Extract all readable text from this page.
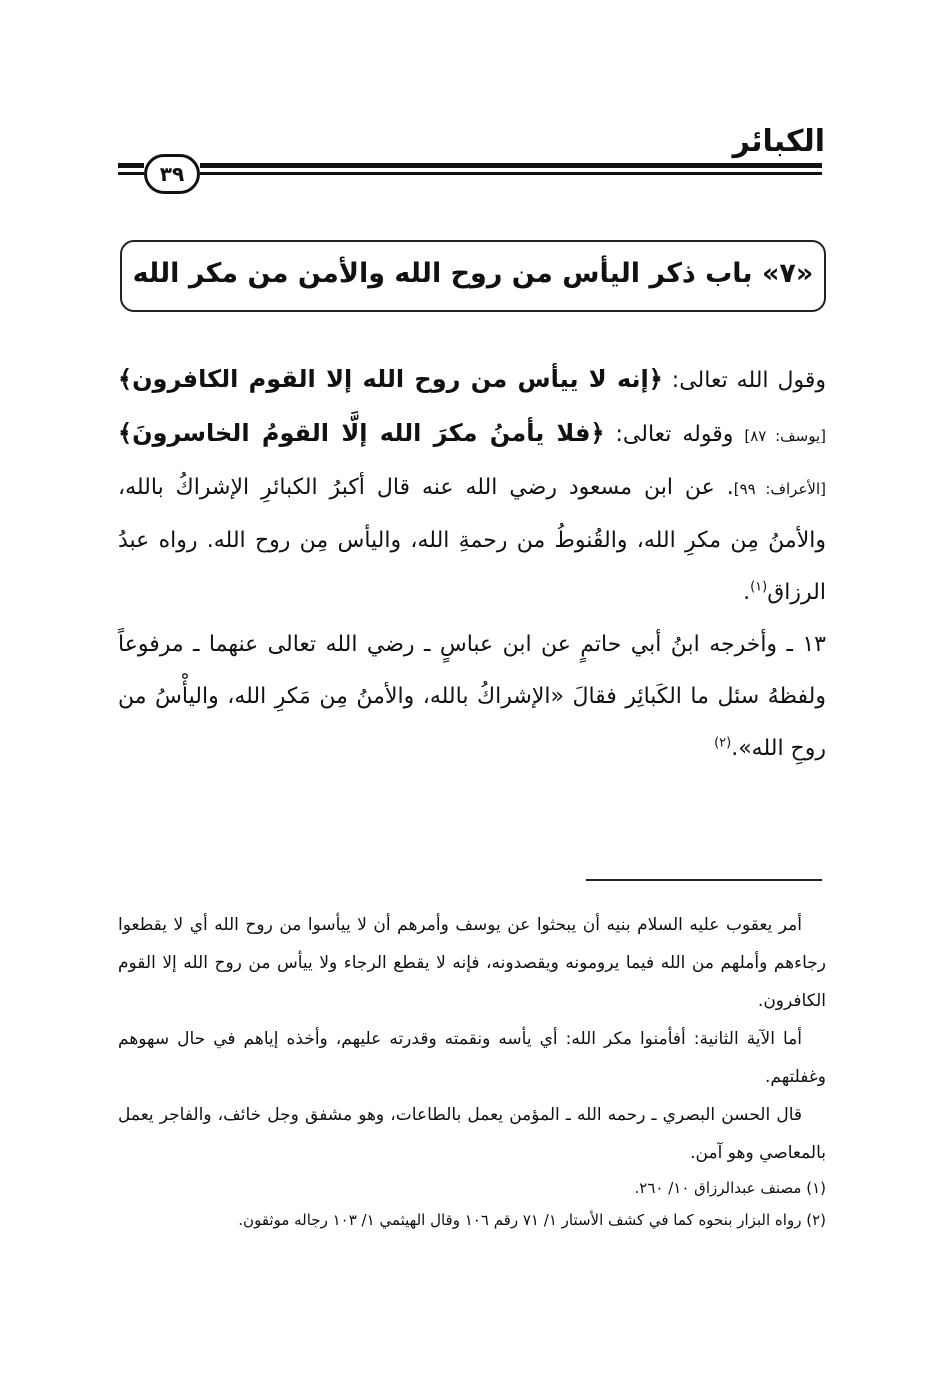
الكبائر
٣٩
«٧» باب ذكر اليأس من روح الله والأمن من مكر الله

وقول الله تعالى: ﴿إنه لا ييأس من روح الله إلا القوم الكافرون﴾[يوسف: ٨٧] وقوله تعالى: ﴿فلا يأمنُ مكرَ الله إلَّا القومُ الخاسرونَ﴾[الأعراف: ٩٩]. عن ابن مسعود رضي الله عنه قال أكبرُ الكبائرِ الإشراكُ بالله، والأمنُ مِن مكرِ الله، والقُنوطُ من رحمةِ الله، واليأس مِن روح الله. رواه عبدُ الرزاق$^{(١)}$.

١٣ ـ وأخرجه ابنُ أبي حاتمٍ عن ابن عباسٍ ـ رضي الله تعالى عنهما ـ مرفوعاً ولفظهُ سئل ما الكَبائِر فقالَ «الإشراكُ بالله، والأمنُ مِن مَكرِ الله، واليأْسُ من روحِ الله».$^{(٢)}$

أمر يعقوب عليه السلام بنيه أن يبحثوا عن يوسف وأمرهم أن لا ييأسوا من روح الله أي لا يقطعوا رجاءهم وأملهم من الله فيما يرومونه ويقصدونه، فإنه لا يقطع الرجاء ولا ييأس من روح الله إلا القوم الكافرون.

أما الآية الثانية: أفأمنوا مكر الله: أي يأسه ونقمته وقدرته عليهم، وأخذه إياهم في حال سهوهم وغفلتهم.

قال الحسن البصري ـ رحمه الله ـ المؤمن يعمل بالطاعات، وهو مشفق وجل خائف، والفاجر يعمل بالمعاصي وهو آمن.

(١) مصنف عبدالرزاق ١٠/ ٢٦٠.

(٢) رواه البزار بنحوه كما في كشف الأستار ١/ ٧١ رقم ١٠٦ وقال الهيثمي ١/ ١٠٣ رجاله موثقون.
